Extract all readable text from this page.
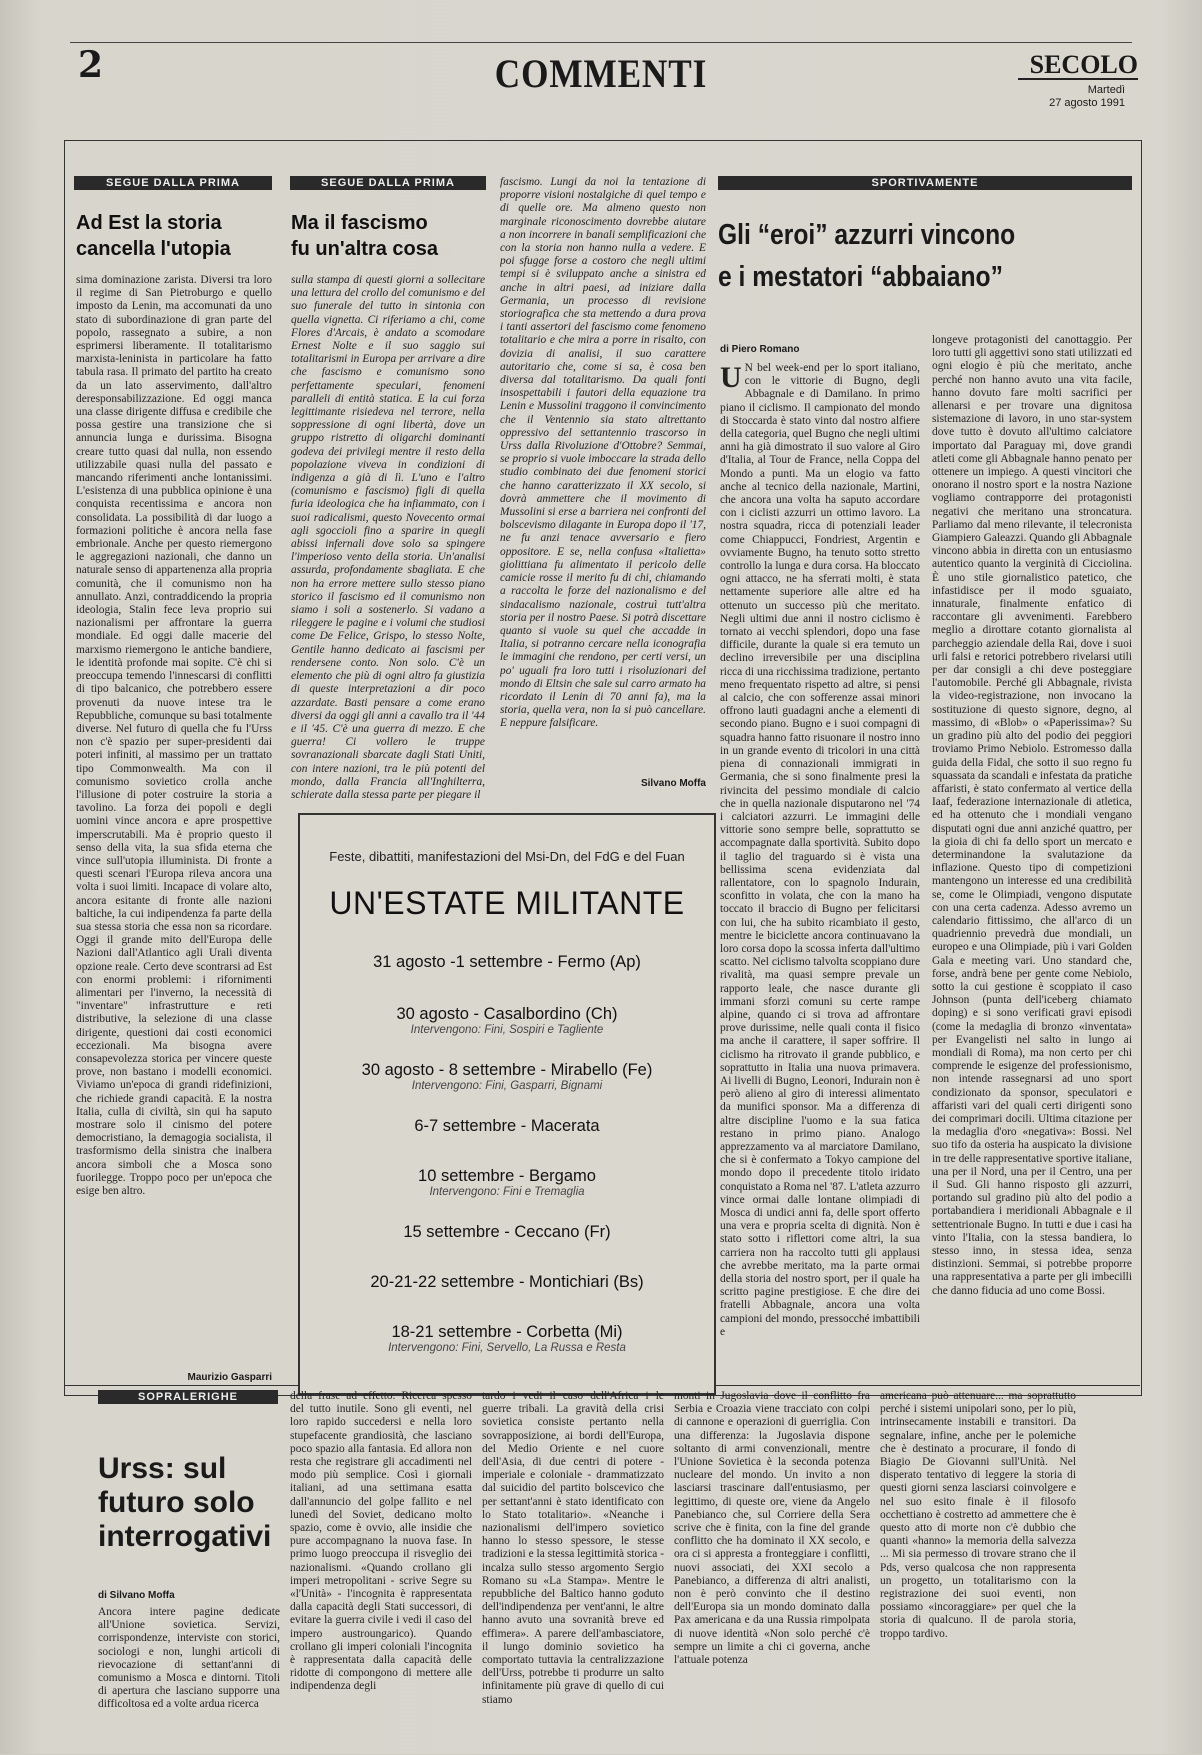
2	COMMENTI	SECOLO
Martedì
27 agosto 1991
SEGUE DALLA PRIMA
Ad Est la storia
cancella l'utopia
sima dominazione zarista. Diversi tra loro il regime di San Pietroburgo e quello imposto da Lenin, ma accomunati da uno stato di subordinazione di gran parte del popolo, rassegnato a subire, a non esprimersi liberamente. Il totalitarismo marxista-leninista in particolare ha fatto tabula rasa. Il primato del partito ha creato da un lato asservimento, dall'altro deresponsabilizzazione. Ed oggi manca una classe dirigente diffusa e credibile che possa gestire una transizione che si annuncia lunga e durissima. Bisogna creare tutto quasi dal nulla, non essendo utilizzabile quasi nulla del passato e mancando riferimenti anche lontanissimi. L'esistenza di una pubblica opinione è una conquista recentissima e ancora non consolidata. La possibilità di dar luogo a formazioni politiche è ancora nella fase embrionale. Anche per questo riemergono le aggregazioni nazionali, che danno un naturale senso di appartenenza alla propria comunità, che il comunismo non ha annullato. Anzi, contraddicendo la propria ideologia, Stalin fece leva proprio sui nazionalismi per affrontare la guerra mondiale. Ed oggi dalle macerie del marxismo riemergono le antiche bandiere, le identità profonde mai sopite. C'è chi si preoccupa temendo l'innescarsi di conflitti di tipo balcanico, che potrebbero essere provenuti da nuove intese tra le Repubbliche, comunque su basi totalmente diverse. Nel futuro di quella che fu l'Urss non c'è spazio per super-presidenti dai poteri infiniti, al massimo per un trattato tipo Commonwealth. Ma con il comunismo sovietico crolla anche l'illusione di poter costruire la storia a tavolino. La forza dei popoli e degli uomini vince ancora e apre prospettive imperscrutabili. Ma è proprio questo il senso della vita, la sua sfida eterna che vince sull'utopia illuminista. Di fronte a questi scenari l'Europa rileva ancora una volta i suoi limiti. Incapace di volare alto, ancora esitante di fronte alle nazioni baltiche, la cui indipendenza fa parte della sua stessa storia che essa non sa ricordare. Oggi il grande mito dell'Europa delle Nazioni dall'Atlantico agli Urali diventa opzione reale. Certo deve scontrarsi ad Est con enormi problemi: i rifornimenti alimentari per l'inverno, la necessità di "inventare" infrastrutture e reti distributive, la selezione di una classe dirigente, questioni dai costi economici eccezionali. Ma bisogna avere consapevolezza storica per vincere queste prove, non bastano i modelli economici. Viviamo un'epoca di grandi ridefinizioni, che richiede grandi capacità. E la nostra Italia, culla di civiltà, sin qui ha saputo mostrare solo il cinismo del potere democristiano, la demagogia socialista, il trasformismo della sinistra che inalbera ancora simboli che a Mosca sono fuorilegge. Troppo poco per un'epoca che esige ben altro.
Maurizio Gasparri
SEGUE DALLA PRIMA
Ma il fascismo
fu un'altra cosa
sulla stampa di questi giorni a sollecitare una lettura del crollo del comunismo e del suo funerale del tutto in sintonia con quella vignetta. Ci riferiamo a chi, come Flores d'Arcais, è andato a scomodare Ernest Nolte e il suo saggio sui totalitarismi in Europa per arrivare a dire che fascismo e comunismo sono perfettamente speculari, fenomeni paralleli di entità statica. E la cui forza legittimante risiedeva nel terrore, nella soppressione di ogni libertà, dove un gruppo ristretto di oligarchi dominanti godeva dei privilegi mentre il resto della popolazione viveva in condizioni di indigenza a già di lì. L'uno e l'altro (comunismo e fascismo) figli di quella furia ideologica che ha infiammato, con i suoi radicalismi, questo Novecento ormai agli sgoccioli fino a sparire in quegli abissi infernali dove solo sa spingere l'imperioso vento della storia. Un'analisi assurda, profondamente sbagliata. E che non ha errore mettere sullo stesso piano storico il fascismo ed il comunismo non siamo i soli a sostenerlo. Si vadano a rileggere le pagine e i volumi che studiosi come De Felice, Grispo, lo stesso Nolte, Gentile hanno dedicato ai fascismi per rendersene conto. Non solo. C'è un elemento che più di ogni altro fa giustizia di queste interpretazioni a dir poco azzardate. Basti pensare a come erano diversi da oggi gli anni a cavallo tra il '44 e il '45. C'è una guerra di mezzo. E che guerra! Ci vollero le truppe sovranazionali sbarcate dagli Stati Uniti, con intere nazioni, tra le più potenti del mondo, dalla Francia all'Inghilterra, schierate dalla stessa parte per piegare il
fascismo. Lungi da noi la tentazione di proporre visioni nostalgiche di quel tempo e di quelle ore. Ma almeno questo non marginale riconoscimento dovrebbe aiutare a non incorrere in banali semplificazioni che con la storia non hanno nulla a vedere. E poi sfugge forse a costoro che negli ultimi tempi si è sviluppato anche a sinistra ed anche in altri paesi, ad iniziare dalla Germania, un processo di revisione storiografica che sta mettendo a dura prova i tanti assertori del fascismo come fenomeno totalitario e che mira a porre in risalto, con dovizia di analisi, il suo carattere autoritario che, come si sa, è cosa ben diversa dal totalitarismo. Da quali fonti insospettabili i fautori della equazione tra Lenin e Mussolini traggono il convincimento che il Ventennio sia stato altrettanto oppressivo del settantennio trascorso in Urss dalla Rivoluzione d'Ottobre? Semmai, se proprio si vuole imboccare la strada dello studio combinato dei due fenomeni storici che hanno caratterizzato il XX secolo, si dovrà ammettere che il movimento di Mussolini si erse a barriera nei confronti del bolscevismo dilagante in Europa dopo il '17, ne fu anzi tenace avversario e fiero oppositore. E se, nella confusa «Italietta» giolittiana fu alimentato il pericolo delle camicie rosse il merito fu di chi, chiamando a raccolta le forze del nazionalismo e del sindacalismo nazionale, costruì tutt'altra storia per il nostro Paese. Si potrà discettare quanto si vuole su quel che accadde in Italia, si potranno cercare nella iconografia le immagini che rendono, per certi versi, un po' uguali fra loro tutti i risoluzionari del mondo di Eltsin che sale sul carro armato ha ricordato il Lenin di 70 anni fa), ma la storia, quella vera, non la si può cancellare. E neppure falsificare.
Silvano Moffa
Feste, dibattiti, manifestazioni del Msi-Dn, del FdG e del Fuan
UN'ESTATE MILITANTE
31 agosto -1 settembre - Fermo (Ap)
30 agosto - Casalbordino (Ch)
Intervengono: Fini, Sospiri e Tagliente
30 agosto - 8 settembre - Mirabello (Fe)
Intervengono: Fini, Gasparri, Bignami
6-7 settembre - Macerata
10 settembre - Bergamo
Intervengono: Fini e Tremaglia
15 settembre - Ceccano (Fr)
20-21-22 settembre - Montichiari (Bs)
18-21 settembre - Corbetta (Mi)
Intervengono: Fini, Servello, La Russa e Resta
SPORTIVAMENTE
Gli “eroi” azzurri vincono
e i mestatori “abbaiano”
di Piero Romano
U N bel week-end per lo sport italiano, con le vittorie di Bugno, degli Abbagnale e di Damilano. In primo piano il ciclismo. Il campionato del mondo di Stoccarda è stato vinto dal nostro alfiere della categoria, quel Bugno che negli ultimi anni ha già dimostrato il suo valore al Giro d'Italia, al Tour de France, nella Coppa del Mondo a punti. Ma un elogio va fatto anche al tecnico della nazionale, Martini, che ancora una volta ha saputo accordare con i ciclisti azzurri un ottimo lavoro. La nostra squadra, ricca di potenziali leader come Chiappucci, Fondriest, Argentin e ovviamente Bugno, ha tenuto sotto stretto controllo la lunga e dura corsa. Ha bloccato ogni attacco, ne ha sferrati molti, è stata nettamente superiore alle altre ed ha ottenuto un successo più che meritato. Negli ultimi due anni il nostro ciclismo è tornato ai vecchi splendori, dopo una fase difficile, durante la quale si era temuto un declino irreversibile per una disciplina ricca di una ricchissima tradizione, pertanto meno frequentato rispetto ad altre, si pensi al calcio, che con sofferenze assai minori offrono lauti guadagni anche a elementi di secondo piano. Bugno e i suoi compagni di squadra hanno fatto risuonare il nostro inno in un grande evento di tricolori in una città piena di connazionali immigrati in Germania, che si sono finalmente presi la rivincita del pessimo mondiale di calcio che in quella nazionale disputarono nel '74 i calciatori azzurri. Le immagini delle vittorie sono sempre belle, soprattutto se accompagnate dalla sportività. Subito dopo il taglio del traguardo si è vista una bellissima scena evidenziata dal rallentatore, con lo spagnolo Indurain, sconfitto in volata, che con la mano ha toccato il braccio di Bugno per felicitarsi con lui, che ha subito ricambiato il gesto, mentre le biciclette ancora continuavano la loro corsa dopo la scossa inferta dall'ultimo scatto. Nel ciclismo talvolta scoppiano dure rivalità, ma quasi sempre prevale un rapporto leale, che nasce durante gli immani sforzi comuni su certe rampe alpine, quando ci si trova ad affrontare prove durissime, nelle quali conta il fisico ma anche il carattere, il saper soffrire. Il ciclismo ha ritrovato il grande pubblico, e soprattutto in Italia una nuova primavera. Ai livelli di Bugno, Leonori, Indurain non è però alieno al giro di interessi alimentato da munifici sponsor. Ma a differenza di altre discipline l'uomo e la sua fatica restano in primo piano. Analogo apprezzamento va al marciatore Damilano, che si è confermato a Tokyo campione del mondo dopo il precedente titolo iridato conquistato a Roma nel '87. L'atleta azzurro vince ormai dalle lontane olimpiadi di Mosca di undici anni fa, delle sport offerto una vera e propria scelta di dignità. Non è stato sotto i riflettori come altri, la sua carriera non ha raccolto tutti gli applausi che avrebbe meritato, ma la parte ormai della storia del nostro sport, per il quale ha scritto pagine prestigiose. E che dire dei fratelli Abbagnale, ancora una volta campioni del mondo, pressocché imbattibili e
longeve protagonisti del canottaggio. Per loro tutti gli aggettivi sono stati utilizzati ed ogni elogio è più che meritato, anche perché non hanno avuto una vita facile, hanno dovuto fare molti sacrifici per allenarsi e per trovare una dignitosa sistemazione di lavoro, in uno star-system dove tutto è dovuto all'ultimo calciatore importato dal Paraguay mi, dove grandi atleti come gli Abbagnale hanno penato per ottenere un impiego. A questi vincitori che onorano il nostro sport e la nostra Nazione vogliamo contrapporre dei protagonisti negativi che meritano una stroncatura. Parliamo dal meno rilevante, il telecronista Giampiero Galeazzi. Quando gli Abbagnale vincono abbia in diretta con un entusiasmo autentico quanto la verginità di Cicciolina. È uno stile giornalistico patetico, che infastidisce per il modo sguaiato, innaturale, finalmente enfatico di raccontare gli avvenimenti. Farebbero meglio a dirottare cotanto giornalista al parcheggio aziendale della Rai, dove i suoi urli falsi e retorici potrebbero rivelarsi utili per dar consigli a chi deve posteggiare l'automobile. Perché gli Abbagnale, rivista la video-registrazione, non invocano la sostituzione di questo signore, degno, al massimo, di «Blob» o «Paperissima»? Su un gradino più alto del podio dei peggiori troviamo Primo Nebiolo. Estromesso dalla guida della Fidal, che sotto il suo regno fu squassata da scandali e infestata da pratiche affaristi, è stato confermato al vertice della Iaaf, federazione internazionale di atletica, ed ha ottenuto che i mondiali vengano disputati ogni due anni anziché quattro, per la gioia di chi fa dello sport un mercato e determinandone la svalutazione da inflazione. Questo tipo di competizioni mantengono un interesse ed una credibilità se, come le Olimpiadi, vengono disputate con una certa cadenza. Adesso avremo un calendario fittissimo, che all'arco di un quadriennio prevedrà due mondiali, un europeo e una Olimpiade, più i vari Golden Gala e meeting vari. Uno standard che, forse, andrà bene per gente come Nebiolo, sotto la cui gestione è scoppiato il caso Johnson (punta dell'iceberg chiamato doping) e si sono verificati gravi episodi (come la medaglia di bronzo «inventata» per Evangelisti nel salto in lungo ai mondiali di Roma), ma non certo per chi comprende le esigenze del professionismo, non intende rassegnarsi ad uno sport condizionato da sponsor, speculatori e affaristi vari del quali certi dirigenti sono dei comprimari docili. Ultima citazione per la medaglia d'oro «negativa»: Bossi. Nel suo tifo da osteria ha auspicato la divisione in tre delle rappresentative sportive italiane, una per il Nord, una per il Centro, una per il Sud. Gli hanno risposto gli azzurri, portando sul gradino più alto del podio a portabandiera i meridionali Abbagnale e il settentrionale Bugno. In tutti e due i casi ha vinto l'Italia, con la stessa bandiera, lo stesso inno, in stessa idea, senza distinzioni. Semmai, si potrebbe proporre una rappresentativa a parte per gli imbecilli che danno fiducia ad uno come Bossi.
SOPRALERIGHE
Urss: sul
futuro solo
interrogativi
di Silvano Moffa
Ancora intere pagine dedicate all'Unione sovietica. Servizi, corrispondenze, interviste con storici, sociologi e non, lunghi articoli di rievocazione di settant'anni di comunismo a Mosca e dintorni. Titoli di apertura che lasciano supporre una difficoltosa ed a volte ardua ricerca
della frase ad effetto. Ricerca spesso del tutto inutile. Sono gli eventi, nel loro rapido succedersi e nella loro stupefacente grandiosità, che lasciano poco spazio alla fantasia. Ed allora non resta che registrare gli accadimenti nel modo più semplice. Così i giornali italiani, ad una settimana esatta dall'annuncio del golpe fallito e nel lunedì del Soviet, dedicano molto spazio, come è ovvio, alle insidie che pure accompagnano la nuova fase. In primo luogo preoccupa il risveglio dei nazionalismi. «Quando crollano gli imperi metropolitani - scrive Segre su «l'Unità» - l'incognita è rappresentata dalla capacità degli Stati successori, di evitare la guerra civile i vedi il caso del impero austroungarico). Quando crollano gli imperi coloniali l'incognita è rappresentata dalla capacità delle ridotte di compongono di mettere alle indipendenza degli
tardo i vedi il caso dell'Africa i le guerre tribali. La gravità della crisi sovietica consiste pertanto nella sovrapposizione, ai bordi dell'Europa, del Medio Oriente e nel cuore dell'Asia, di due centri di potere - imperiale e coloniale - drammatizzato dal suicidio del partito bolscevico che per settant'anni è stato identificato con lo Stato totalitario». «Neanche i nazionalismi dell'impero sovietico hanno lo stesso spessore, le stesse tradizioni e la stessa legittimità storica - incalza sullo stesso argomento Sergio Romano su «La Stampa». Mentre le repubbliche del Baltico hanno goduto dell'indipendenza per vent'anni, le altre hanno avuto una sovranità breve ed effimera». A parere dell'ambasciatore, il lungo dominio sovietico ha comportato tuttavia la centralizzazione dell'Urss, potrebbe ti produrre un salto infinitamente più grave di quello di cui stiamo
monti in Jugoslavia dove il conflitto fra Serbia e Croazia viene tracciato con colpi di cannone e operazioni di guerriglia. Con una differenza: la Jugoslavia dispone soltanto di armi convenzionali, mentre l'Unione Sovietica è la seconda potenza nucleare del mondo. Un invito a non lasciarsi trascinare dall'entusiasmo, per legittimo, di queste ore, viene da Angelo Panebianco che, sul Corriere della Sera scrive che è finita, con la fine del grande conflitto che ha dominato il XX secolo, e ora ci si appresta a fronteggiare i conflitti, nuovi associati, dei XXI secolo a Panebianco, a differenza di altri analisti, non è però convinto che il destino dell'Europa sia un mondo dominato dalla Pax americana e da una Russia rimpolpata di nuove identità «Non solo perché c'è sempre un limite a chi ci governa, anche l'attuale potenza
americana può attenuare... ma soprattutto perché i sistemi unipolari sono, per lo più, intrinsecamente instabili e transitori. Da segnalare, infine, anche per le polemiche che è destinato a procurare, il fondo di Biagio De Giovanni sull'Unità. Nel disperato tentativo di leggere la storia di questi giorni senza lasciarsi coinvolgere e nel suo esito finale è il filosofo occhettiano è costretto ad ammettere che è questo atto di morte non c'è dubbio che quanti «hanno» la memoria della salvezza ... Mi sia permesso di trovare strano che il Pds, verso qualcosa che non rappresenta un progetto, un totalitarismo con la registrazione dei suoi eventi, non possiamo «incoraggiare» per quel che la storia di qualcuno. Il de parola storia, troppo tardivo.
